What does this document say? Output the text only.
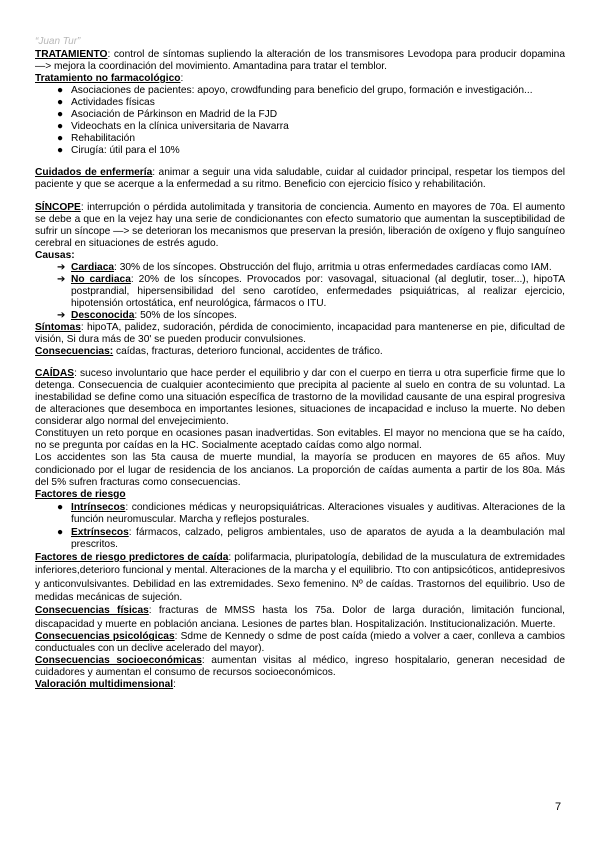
“Juan Tur”

TRATAMIENTO: control de síntomas supliendo la alteración de los transmisores Levodopa para producir dopamina —> mejora la coordinación del movimiento. Amantadina para tratar el temblor.

Tratamiento no farmacológico:

● Asociaciones de pacientes: apoyo, crowdfunding para beneficio del grupo, formación e investigación...
● Actividades físicas
● Asociación de Párkinson en Madrid de la FJD
● Videochats en la clínica universitaria de Navarra
● Rehabilitación
● Cirugía: útil para el 10%

Cuidados de enfermería: animar a seguir una vida saludable, cuidar al cuidador principal, respetar los tiempos del paciente y que se acerque a la enfermedad a su ritmo. Beneficio con ejercicio físico y rehabilitación.

SÍNCOPE: interrupción o pérdida autolimitada y transitoria de conciencia. Aumento en mayores de 70a. El aumento se debe a que en la vejez hay una serie de condicionantes con efecto sumatorio que aumentan la susceptibilidad de sufrir un síncope —> se deterioran los mecanismos que preservan la presión, liberación de oxígeno y flujo sanguíneo cerebral en situaciones de estrés agudo.

Causas:

➔ Cardiaca: 30% de los síncopes. Obstrucción del flujo, arritmia u otras enfermedades cardíacas como IAM.
➔ No cardiaca: 20% de los síncopes. Provocados por: vasovagal, situacional (al deglutir, toser...), hipoTA postprandial, hipersensibilidad del seno carotídeo, enfermedades psiquiátricas, al realizar ejercicio, hipotensión ortostática, enf neurológica, fármacos o ITU.
➔ Desconocida: 50% de los síncopes.

Síntomas: hipoTA, palidez, sudoración, pérdida de conocimiento, incapacidad para mantenerse en pie, dificultad de visión, Si dura más de 30' se pueden producir convulsiones.

Consecuencias: caídas, fracturas, deterioro funcional, accidentes de tráfico.

CAÍDAS: suceso involuntario que hace perder el equilibrio y dar con el cuerpo en tierra u otra superficie firme que lo detenga. Consecuencia de cualquier acontecimiento que precipita al paciente al suelo en contra de su voluntad. La inestabilidad se define como una situación específica de trastorno de la movilidad causante de una espiral progresiva de alteraciones que desemboca en importantes lesiones, situaciones de incapacidad e incluso la muerte. No deben considerar algo normal del envejecimiento.

Constituyen un reto porque en ocasiones pasan inadvertidas. Son evitables. El mayor no menciona que se ha caído, no se pregunta por caídas en la HC. Socialmente aceptado caídas como algo normal.

Los accidentes son las 5ta causa de muerte mundial, la mayoría se producen en mayores de 65 años. Muy condicionado por el lugar de residencia de los ancianos. La proporción de caídas aumenta a partir de los 80a. Más del 5% sufren fracturas como consecuencias.

Factores de riesgo

● Intrínsecos: condiciones médicas y neuropsiquiátricas. Alteraciones visuales y auditivas. Alteraciones de la función neuromuscular. Marcha y reflejos posturales.
● Extrínsecos: fármacos, calzado, peligros ambientales, uso de aparatos de ayuda a la deambulación mal prescritos.

Factores de riesgo predictores de caída: polifarmacia, pluripatología, debilidad de la musculatura de extremidades inferiores,deterioro funcional y mental. Alteraciones de la marcha y el equilibrio. Tto con antipsicóticos, antidepresivos y anticonvulsivantes. Debilidad en las extremidades. Sexo femenino. Nº de caídas. Trastornos del equilibrio. Uso de medidas mecánicas de sujeción.

Consecuencias físicas: fracturas de MMSS hasta los 75a. Dolor de larga duración, limitación funcional, discapacidad y muerte en población anciana. Lesiones de partes blan. Hospitalización. Institucionalización. Muerte.

Consecuencias psicológicas: Sdme de Kennedy o sdme de post caída (miedo a volver a caer, conlleva a cambios conductuales con un declive acelerado del mayor).

Consecuencias socioeconómicas: aumentan visitas al médico, ingreso hospitalario, generan necesidad de cuidadores y aumentan el consumo de recursos socioeconómicos.

Valoración multidimensional:

7
